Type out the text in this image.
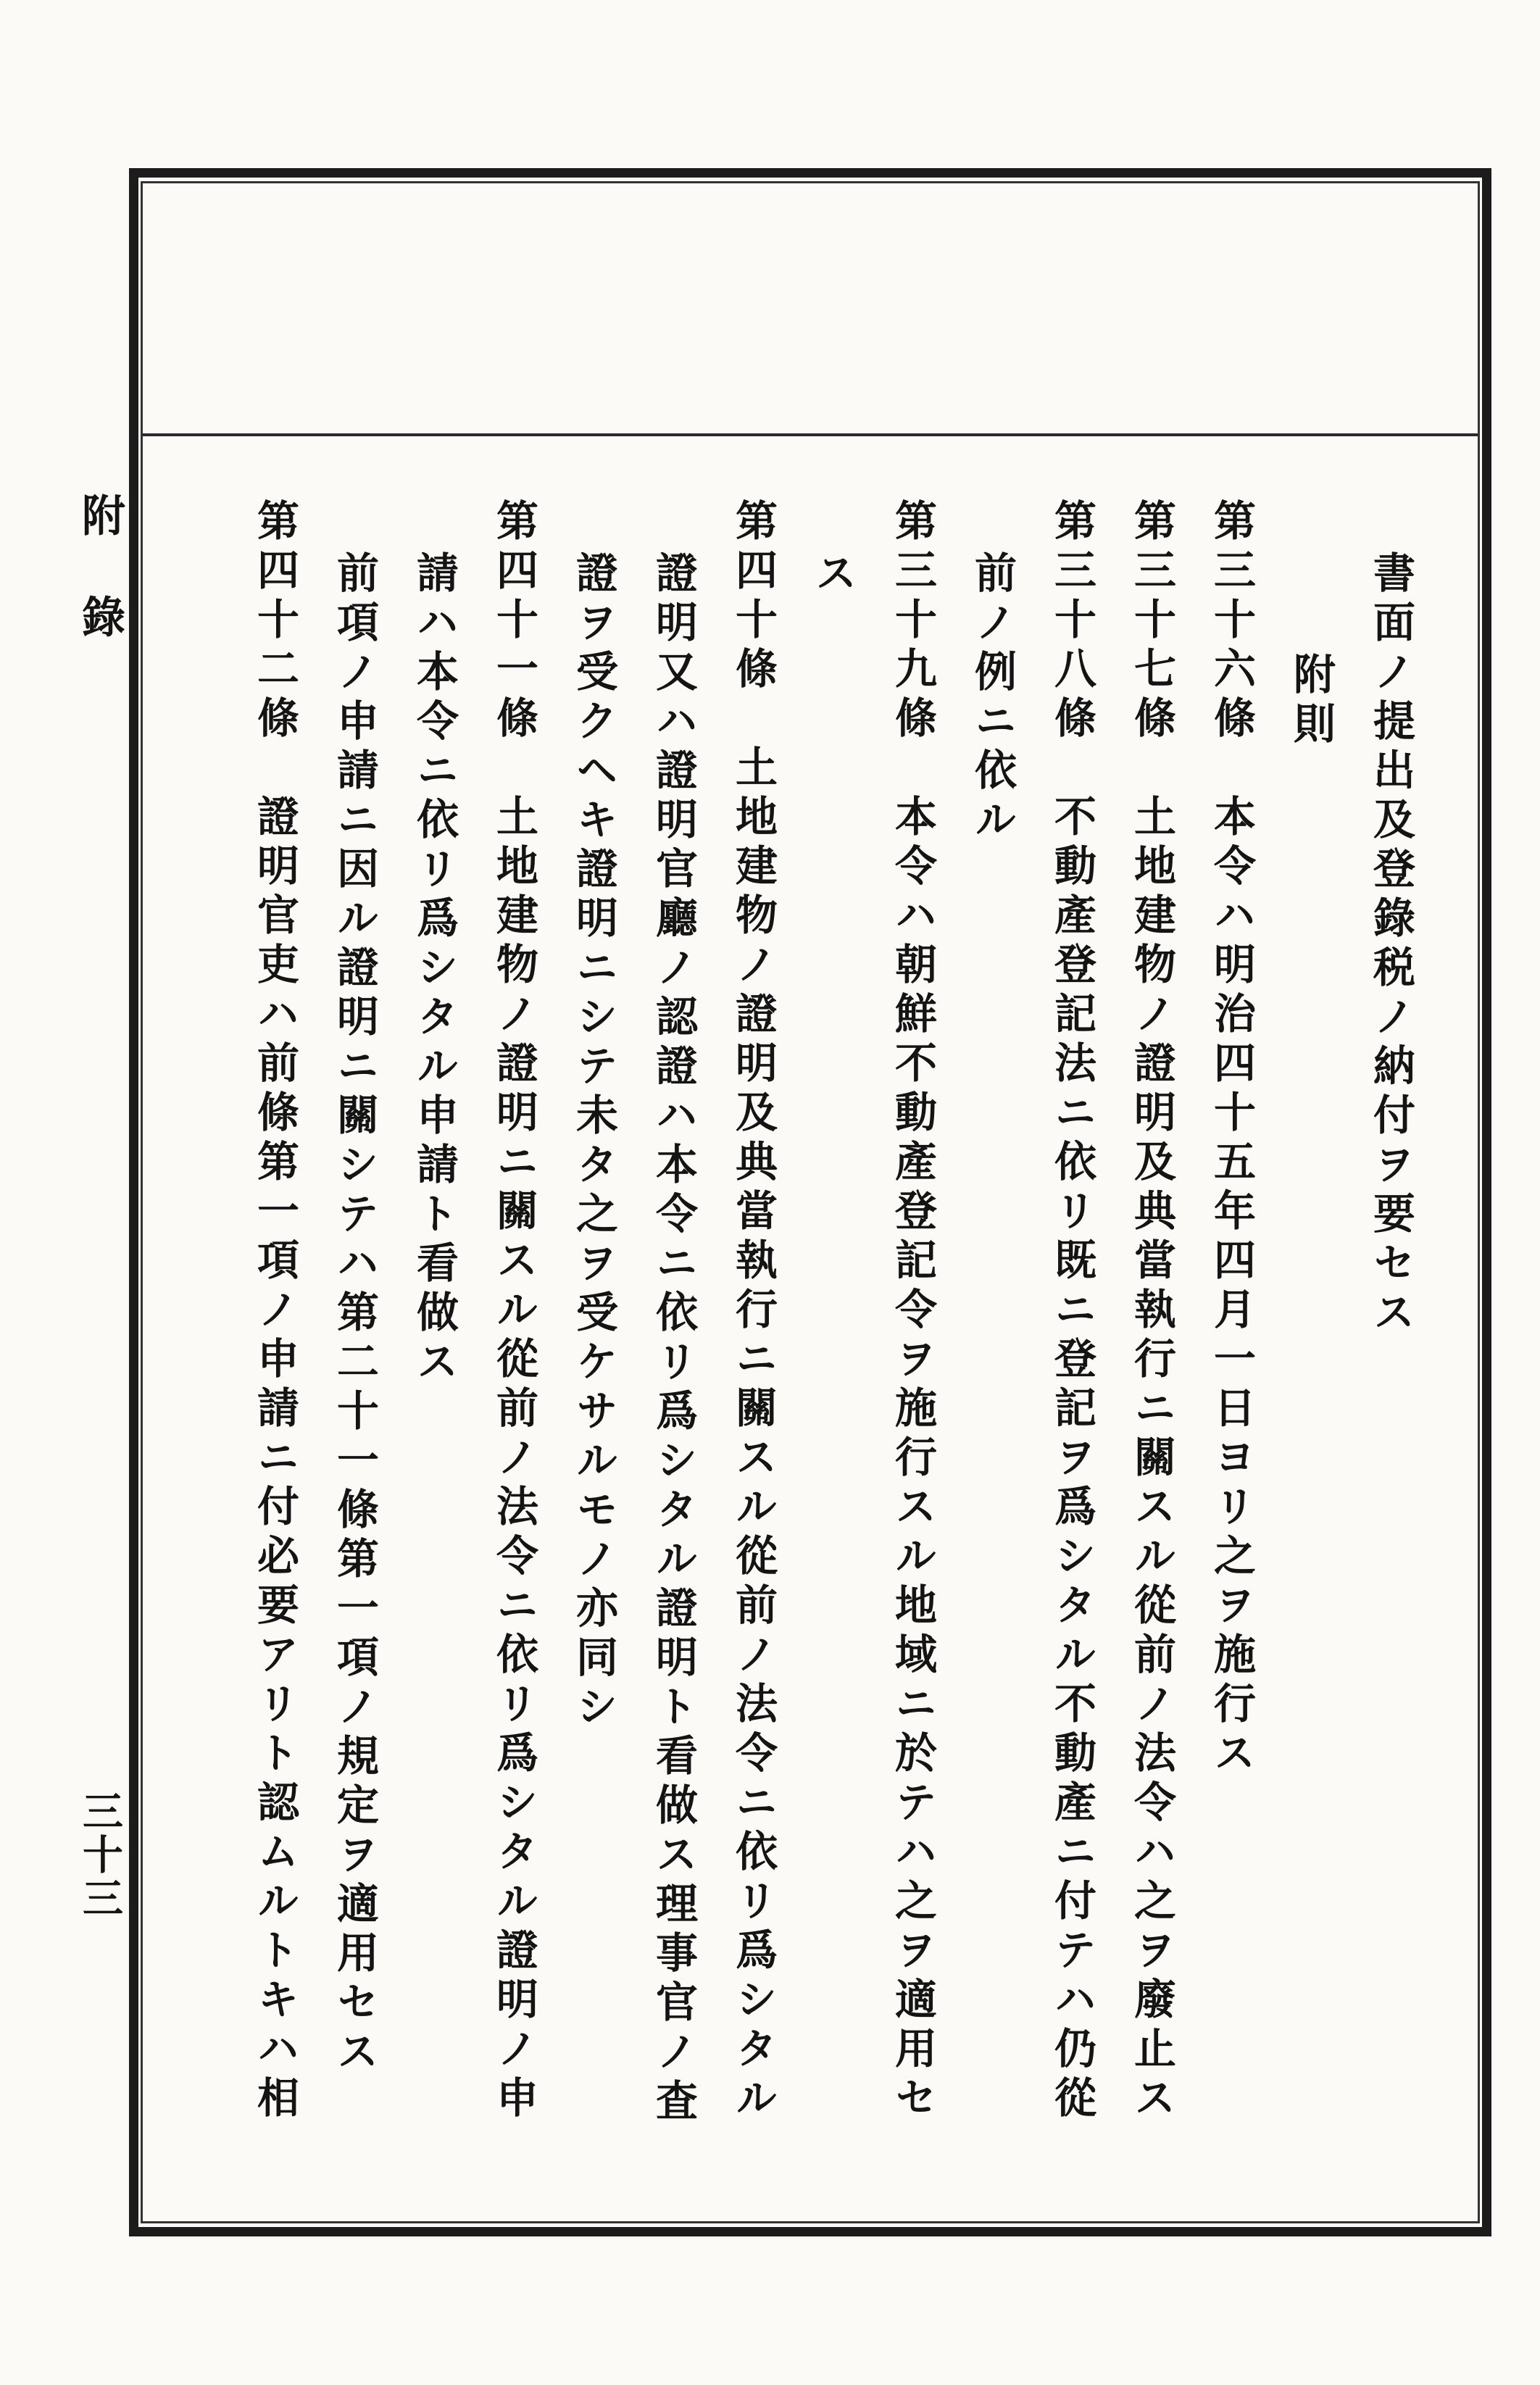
附錄
三十三
書面ノ提出及登錄税ノ納付ヲ要セス
附則
第三十六條　本令ハ明治四十五年四月一日ヨリ之ヲ施行ス
第三十七條　土地建物ノ證明及典當執行ニ關スル從前ノ法令ハ之ヲ廢止ス
第三十八條　不動產登記法ニ依リ既ニ登記ヲ爲シタル不動產ニ付テハ仍從
前ノ例ニ依ル
第三十九條　本令ハ朝鮮不動產登記令ヲ施行スル地域ニ於テハ之ヲ適用セ
ス
第四十條　土地建物ノ證明及典當執行ニ關スル從前ノ法令ニ依リ爲シタル
證明又ハ證明官廳ノ認證ハ本令ニ依リ爲シタル證明ト看做ス理事官ノ査
證ヲ受クヘキ證明ニシテ未タ之ヲ受ケサルモノ亦同シ
第四十一條　土地建物ノ證明ニ關スル從前ノ法令ニ依リ爲シタル證明ノ申
請ハ本令ニ依リ爲シタル申請ト看做ス
前項ノ申請ニ因ル證明ニ關シテハ第二十一條第一項ノ規定ヲ適用セス
第四十二條　證明官吏ハ前條第一項ノ申請ニ付必要アリト認ムルトキハ相
